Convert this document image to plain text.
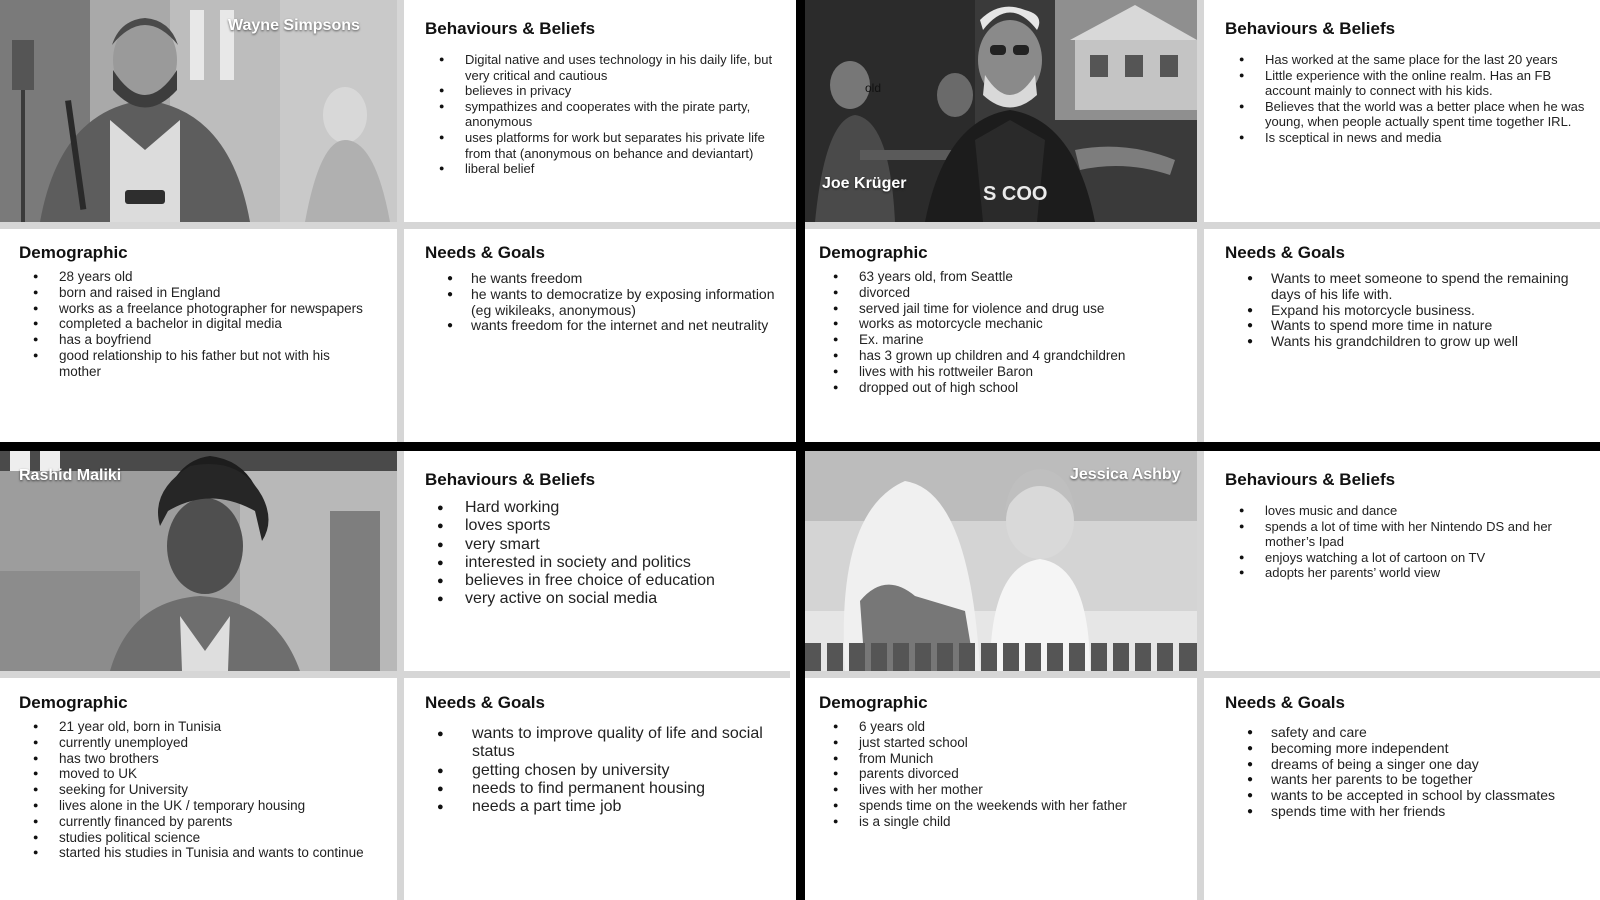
Wayne Simpsons	Behaviours & Beliefs
● Digital native and uses technology in his daily life, but very critical and cautious
● believes in privacy
● sympathizes and cooperates with the pirate party, anonymous
● uses platforms for work but separates his private life from that (anonymous on behance and deviantart)
● liberal belief
Demographic
● 28 years old
● born and raised in England
● works as a freelance photographer for newspapers
● completed a bachelor in digital media
● has a boyfriend
● good relationship to his father but not with his mother
Needs & Goals
● he wants freedom
● he wants to democratize by exposing information (eg wikileaks, anonymous)
● wants freedom for the internet and net neutrality
S COO
old
Joe Krüger
Behaviours & Beliefs
● Has worked at the same place for the last 20 years
● Little experience with the online realm. Has an FB account mainly to connect with his kids.
● Believes that the world was a better place when he was young, when people actually spent time together IRL.
● Is sceptical in news and media
Demographic
● 63 years old, from Seattle
● divorced
● served jail time for violence and drug use
● works as motorcycle mechanic
● Ex. marine
● has 3 grown up children and 4 grandchildren
● lives with his rottweiler Baron
● dropped out of high school
Needs & Goals
● Wants to meet someone to spend the remaining days of his life with.
● Expand his motorcycle business.
● Wants to spend more time in nature
● Wants his grandchildren to grow up well
Rashid Maliki	Behaviours & Beliefs
● Hard working
● loves sports
● very smart
● interested in society and politics
● believes in free choice of education
● very active on social media
Demographic
● 21 year old, born in Tunisia
● currently unemployed
● has two brothers
● moved to UK
● seeking for University
● lives alone in the UK / temporary housing
● currently financed by parents
● studies political science
● started his studies in Tunisia and wants to continue
Needs & Goals
● wants to improve quality of life and social status
● getting chosen by university
● needs to find permanent housing
● needs a part time job
Jessica Ashby	Behaviours & Beliefs
● loves music and dance
● spends a lot of time with her Nintendo DS and her mother’s Ipad
● enjoys watching a lot of cartoon on TV
● adopts her parents’ world view
Demographic
● 6 years old
● just started school
● from Munich
● parents divorced
● lives with her mother
● spends time on the weekends with her father
● is a single child
Needs & Goals
● safety and care
● becoming more independent
● dreams of being a singer one day
● wants her parents to be together
● wants to be accepted in school by classmates
● spends time with her friends
